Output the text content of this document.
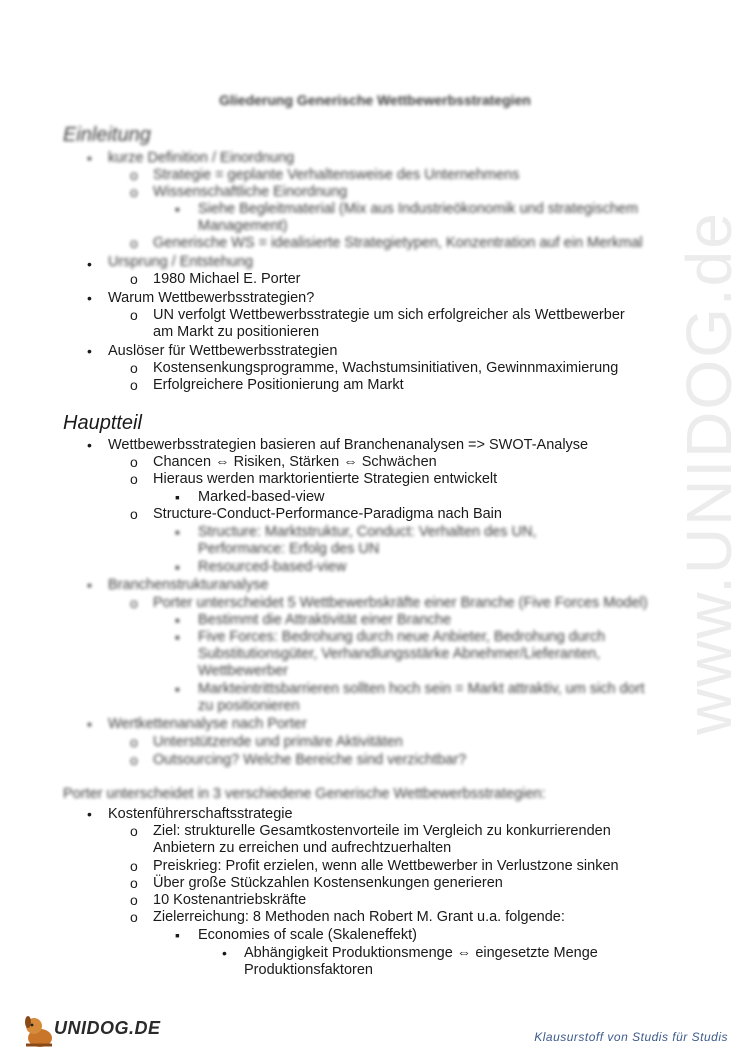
www.UNIDOG.de
Gliederung Generische Wettbewerbsstrategien
Einleitung
• kurze Definition / Einordnung
o Strategie = geplante Verhaltensweise des Unternehmens
o Wissenschaftliche Einordnung
▪ Siehe Begleitmaterial (Mix aus Industrieökonomik und strategischem
Management)
o Generische WS = idealisierte Strategietypen, Konzentration auf ein Merkmal
• Ursprung / Entstehung
o 1980 Michael E. Porter
• Warum Wettbewerbsstrategien?
o UN verfolgt Wettbewerbsstrategie um sich erfolgreicher als Wettbewerber
am Markt zu positionieren
• Auslöser für Wettbewerbsstrategien
o Kostensenkungsprogramme, Wachstumsinitiativen, Gewinnmaximierung
o Erfolgreichere Positionierung am Markt
Hauptteil
• Wettbewerbsstrategien basieren auf Branchenanalysen => SWOT-Analyse
o Chancen ⇔ Risiken, Stärken ⇔ Schwächen
o Hieraus werden marktorientierte Strategien entwickelt
▪ Marked-based-view
o Structure-Conduct-Performance-Paradigma nach Bain
▪ Structure: Marktstruktur, Conduct: Verhalten des UN,
Performance: Erfolg des UN
▪ Resourced-based-view
• Branchenstrukturanalyse
o Porter unterscheidet 5 Wettbewerbskräfte einer Branche (Five Forces Model)
▪ Bestimmt die Attraktivität einer Branche
▪ Five Forces: Bedrohung durch neue Anbieter, Bedrohung durch
Substitutionsgüter, Verhandlungsstärke Abnehmer/Lieferanten,
Wettbewerber
▪ Markteintrittsbarrieren sollten hoch sein = Markt attraktiv, um sich dort
zu positionieren
• Wertkettenanalyse nach Porter
o Unterstützende und primäre Aktivitäten
o Outsourcing? Welche Bereiche sind verzichtbar?
Porter unterscheidet in 3 verschiedene Generische Wettbewerbsstrategien:
• Kostenführerschaftsstrategie
o Ziel: strukturelle Gesamtkostenvorteile im Vergleich zu konkurrierenden
Anbietern zu erreichen und aufrechtzuerhalten
o Preiskrieg: Profit erzielen, wenn alle Wettbewerber in Verlustzone sinken
o Über große Stückzahlen Kostensenkungen generieren
o 10 Kostenantriebskräfte
o Zielerreichung: 8 Methoden nach Robert M. Grant u.a. folgende:
▪ Economies of scale (Skaleneffekt)
• Abhängigkeit Produktionsmenge ⇔ eingesetzte Menge
Produktionsfaktoren
UNIDOG.DE	Klausurstoff von Studis für Studis
